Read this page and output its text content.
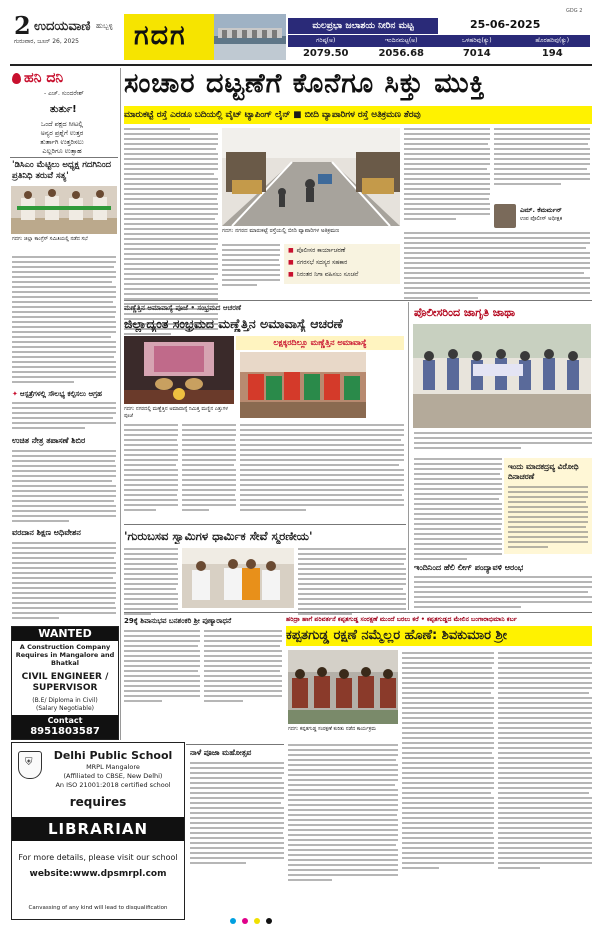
2 ಉದಯವಾಣಿ ಹುಬ್ಬಳ್ಳಿ
ಗುರುವಾರ, ಜೂನ್ 26, 2025 ಗದಗ	ಮಲಪ್ರಭಾ ಜಲಾಶಯ ನೀರಿನ ಮಟ್ಟ	25-06-2025
GDG 2
ಗರಿಷ್ಠ(ಅ)	ಇಂದಿನಮಟ್ಟ(ಅ)	ಒಳಹರಿವು(ಕ್ಯು)	ಹೊರಹರಿವು(ಕ್ಯು)
2079.50	2056.68	7014	194
ಹನಿ ದನಿ
- ಎಚ್. ಸುಂದರೇಶ್
ತುರ್ತು!
ಒಂದೆ ಪಕ್ಷದ ಸೀಟಲ್ಲಿ
ಅನ್ಯರ ಪ್ರಶ್ನೆಗೆ ಉತ್ತರ
ತುರ್ತಾಗಿ ಉತ್ತರಿಸಲು
ಎಲ್ಲರಿಗೂ ಉತ್ಸಾಹ
'ಡಿಸಿಎಂ ಮೆಟ್ಟಿಲು ಅಧ್ಯಕ್ಷ ಗದಗಿನಿಂದ ಪ್ರತಿನಿಧಿ ತರುವೆ ಸತ್ಯ'
ಗದಗ: ಜಿಲ್ಲಾ ಕಾಂಗ್ರೆಸ್ ಸಮಿತಿಯಲ್ಲಿ ನಡೆದ ಸಭೆ
✦ ಆಸ್ಪತ್ರೆಗಳಲ್ಲಿ ಸೌಲಭ್ಯ ಕಲ್ಪಿಸಲು ಆಗ್ರಹ
ಉಚಿತ ನೇತ್ರ ತಪಾಸಣೆ ಶಿಬಿರ
ವರದಾನ ಶಿಕ್ಷಣ ಅಧಿವೇಶನ
WANTED
A Construction Company Requires in Mangalore and Bhatkal
CIVIL ENGINEER / SUPERVISOR
(B.E/ Diploma in Civil)
(Salary Negotiable)
Contact
8951803587
⛨
Delhi Public School
MRPL Mangalore
(Affiliated to CBSE, New Delhi)
An ISO 21001:2018 certified school
requires
LIBRARIAN
For more details, please visit our school
website:www.dpsmrpl.com
Canvassing of any kind will lead to disqualification
ಸಂಚಾರ ದಟ್ಟಣೆಗೆ ಕೊನೆಗೂ ಸಿಕ್ತು ಮುಕ್ತಿ
ಮಾರುಕಟ್ಟೆ ರಸ್ತೆ ಎರಡೂ ಬದಿಯಲ್ಲಿ ವೈಟ್ ಟ್ಯಾಪಿಂಗ್ ಲೈನ್ ■ ಬೀದಿ ವ್ಯಾಪಾರಿಗಳ ರಸ್ತೆ ಅತಿಕ್ರಮಣ ತೆರವು
ಗದಗ: ನಗರದ ಮಾರುಕಟ್ಟೆ ರಸ್ತೆಯಲ್ಲಿ ಬೀದಿ ವ್ಯಾಪಾರಿಗಳ ಅತಿಕ್ರಮಣ
■ ಪೊಲೀಸರ ಕಾರ್ಯಾಚರಣೆ
■ ನಗರಸಭೆ ಸದಸ್ಯರ ಸಹಕಾರ
■ ನಿರಂತರ ನಿಗಾ ವಹಿಸಲು ಸೂಚನೆ
ಎಮ್. ಕೆಮರ್ಮನ್
ಉಪ ಪೊಲೀಸ್ ಅಧೀಕ್ಷಕ
ಮಣ್ಣೆತ್ತಿನ ಅಮಾವಾಸ್ಯೆ ಪೂಜೆ • ಸಂಭ್ರಮದ ಆಚರಣೆ
ಜಿಲ್ಲಾದ್ಯಂತ ಸಂಭ್ರಮದ ಮಣ್ಣೆತ್ತಿನ ಅಮಾವಾಸ್ಯೆ ಆಚರಣೆ
ಲಕ್ಷಕ್ಕರದಿಲ್ಲೂ ಮಣ್ಣೆತ್ತಿನ ಅಮಾವಾಸ್ಯೆ
ಗದಗ: ನಗರದಲ್ಲಿ ಮಣ್ಣೆತ್ತಿನ ಅಮಾವಾಸ್ಯೆ ನಿಮಿತ್ತ ಮಣ್ಣಿನ ಎತ್ತುಗಳ ಪೂಜೆ
ಪೊಲೀಸರಿಂದ ಜಾಗೃತಿ ಜಾಥಾ
ಇಂದು ಮಾದಕದ್ರವ್ಯ ವಿರೋಧಿ ದಿನಾಚರಣೆ
ಇಂದಿನಿಂದ ಹೆಲಿ ಲೀಗ್ ಪಂದ್ಯಾವಳಿ ಆರಂಭ
'ಗುರುಬಸವ ಸ್ವಾಮಿಗಳ ಧಾರ್ಮಿಕ ಸೇವೆ ಸ್ಮರಣೀಯ'
ಹರಿದ್ರಾ ಹಾಗೆ ಪರಿವರ್ತನೆ ಕಪ್ಪತಗುಡ್ಡ ಸಂರಕ್ಷಣೆ ಮುಂದೆ ಬರಲು ಕರೆ • ಕಪ್ಪತಗುಡ್ಡದ ಮೇಲಿನ ಬಂಗಾರಾಭಿಮಾನಿ ಕರ್ಬ
ಕಪ್ಪತಗುಡ್ಡ ರಕ್ಷಣೆ ನಮ್ಮೆಲ್ಲರ ಹೊಣೆ: ಶಿವಕುಮಾರ ಶ್ರೀ
ಗದಗ: ಕಪ್ಪತಗುಡ್ಡ ಸಂರಕ್ಷಣೆ ಕುರಿತು ನಡೆದ ಕಾರ್ಯಕ್ರಮ
29ಕ್ಕೆ ಶಿವಾನುಭವ ಬನಶಂಕರಿ ಶ್ರೀ ಪುಣ್ಯಾರಾಧನೆ
ನಾಳೆ ಪೂಜಾ ಮಹೋತ್ಸವ
